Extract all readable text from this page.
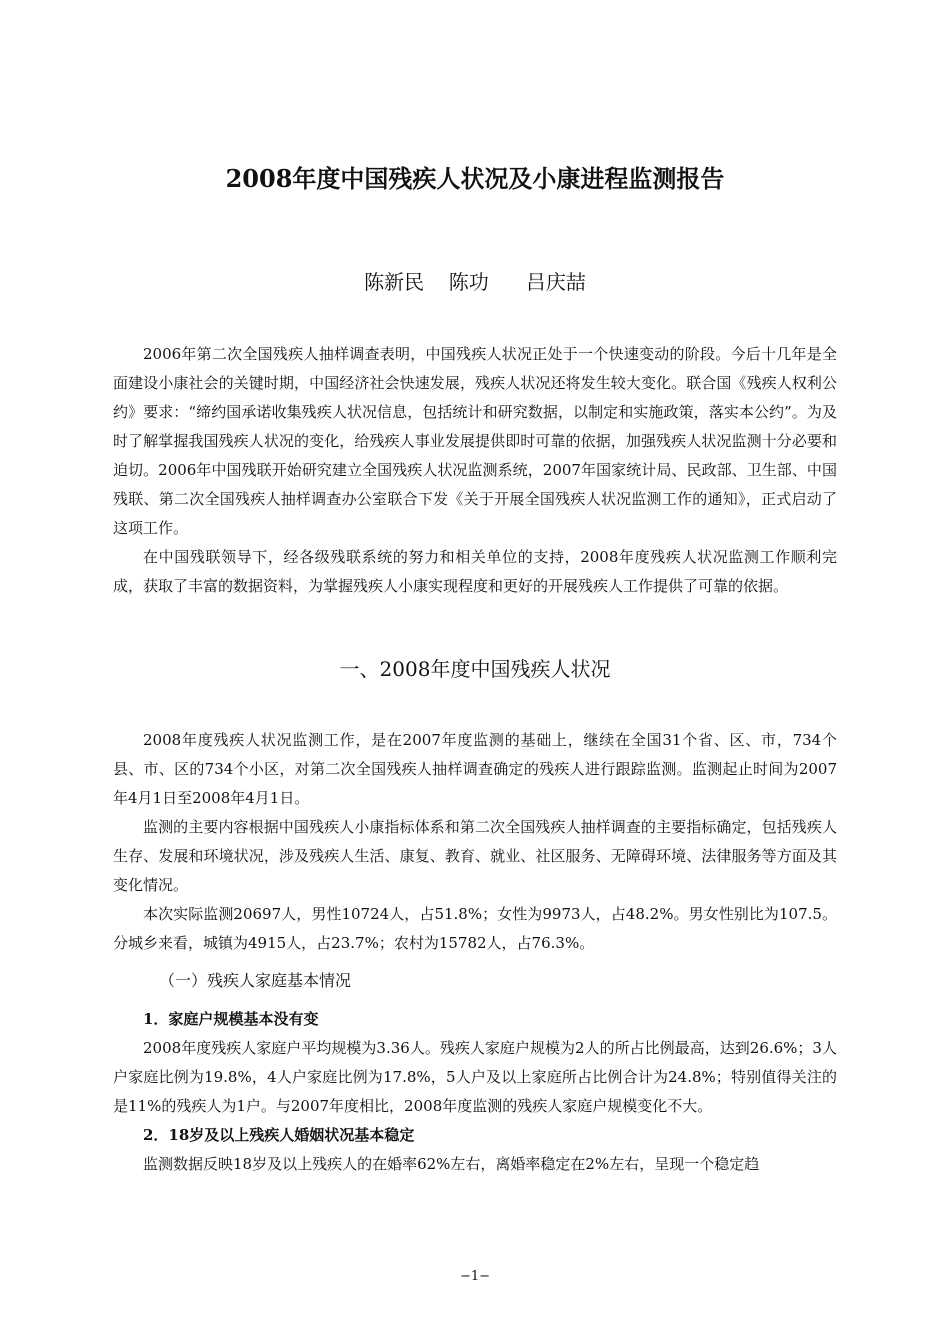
2008年度中国残疾人状况及小康进程监测报告
陈新民  陈功   吕庆喆

2006年第二次全国残疾人抽样调查表明，中国残疾人状况正处于一个快速变动的阶段。今后十几年是全面建设小康社会的关键时期，中国经济社会快速发展，残疾人状况还将发生较大变化。联合国《残疾人权利公约》要求：“缔约国承诺收集残疾人状况信息，包括统计和研究数据，以制定和实施政策，落实本公约”。为及时了解掌握我国残疾人状况的变化，给残疾人事业发展提供即时可靠的依据，加强残疾人状况监测十分必要和迫切。2006年中国残联开始研究建立全国残疾人状况监测系统，2007年国家统计局、民政部、卫生部、中国残联、第二次全国残疾人抽样调查办公室联合下发《关于开展全国残疾人状况监测工作的通知》，正式启动了这项工作。

在中国残联领导下，经各级残联系统的努力和相关单位的支持，2008年度残疾人状况监测工作顺利完成，获取了丰富的数据资料，为掌握残疾人小康实现程度和更好的开展残疾人工作提供了可靠的依据。

一、2008年度中国残疾人状况

2008年度残疾人状况监测工作，是在2007年度监测的基础上，继续在全国31个省、区、市，734个县、市、区的734个小区，对第二次全国残疾人抽样调查确定的残疾人进行跟踪监测。监测起止时间为2007年4月1日至2008年4月1日。

监测的主要内容根据中国残疾人小康指标体系和第二次全国残疾人抽样调查的主要指标确定，包括残疾人生存、发展和环境状况，涉及残疾人生活、康复、教育、就业、社区服务、无障碍环境、法律服务等方面及其变化情况。

本次实际监测20697人，男性10724人，占51.8%；女性为9973人，占48.2%。男女性别比为107.5。分城乡来看，城镇为4915人，占23.7%；农村为15782人，占76.3%。

（一）残疾人家庭基本情况

1．家庭户规模基本没有变

2008年度残疾人家庭户平均规模为3.36人。残疾人家庭户规模为2人的所占比例最高，达到26.6%；3人户家庭比例为19.8%，4人户家庭比例为17.8%，5人户及以上家庭所占比例合计为24.8%；特别值得关注的是11%的残疾人为1户。与2007年度相比，2008年度监测的残疾人家庭户规模变化不大。

2．18岁及以上残疾人婚姻状况基本稳定

监测数据反映18岁及以上残疾人的在婚率62%左右，离婚率稳定在2%左右，呈现一个稳定趋

−1−
